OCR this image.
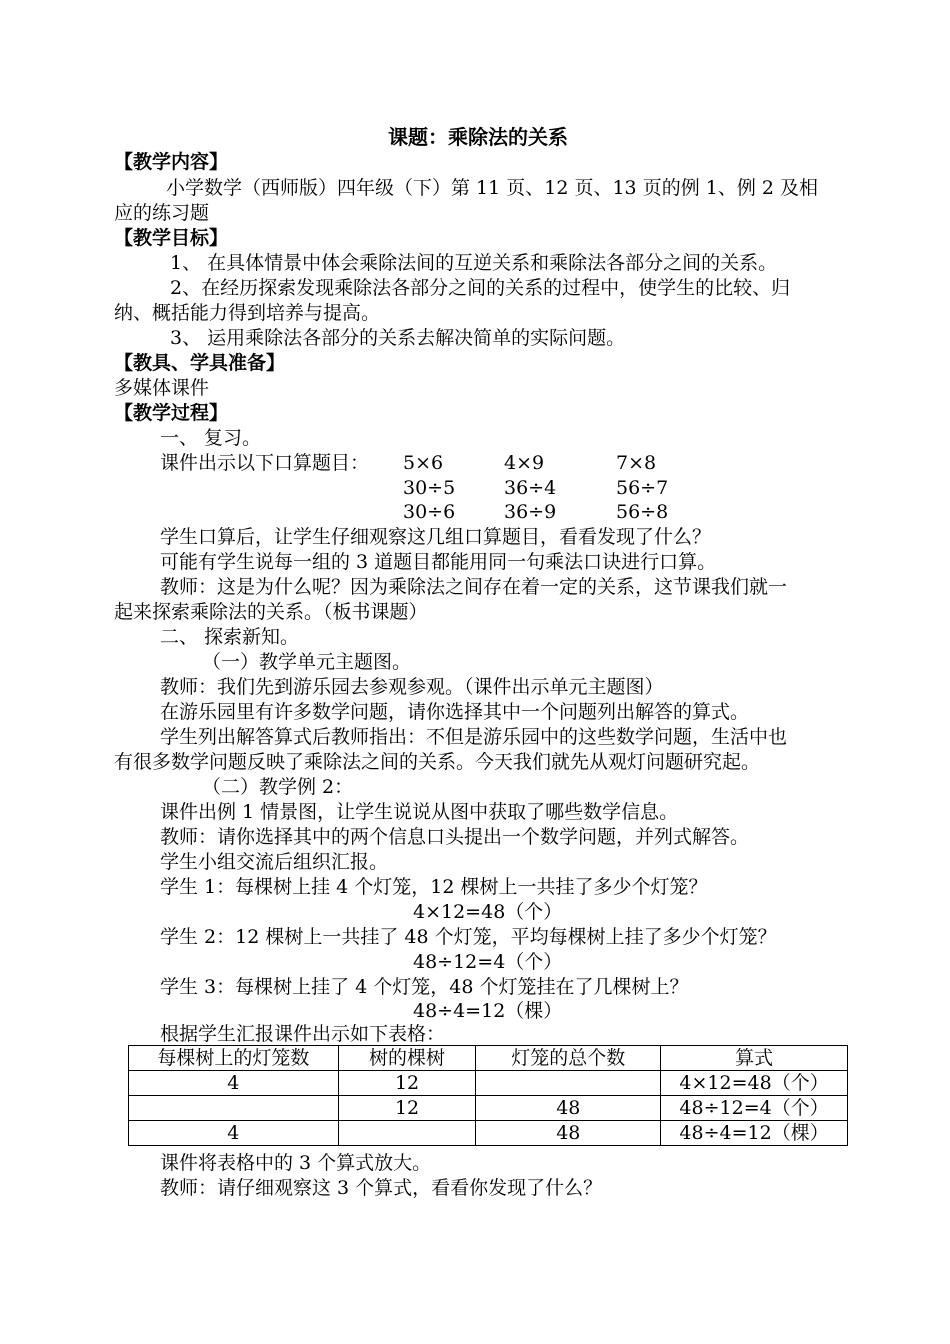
课题：乘除法的关系
【教学内容】
小学数学（西师版）四年级（下）第 11 页、12 页、13 页的例 1、例 2 及相
应的练习题
【教学目标】
1、 在具体情景中体会乘除法间的互逆关系和乘除法各部分之间的关系。
2、在经历探索发现乘除法各部分之间的关系的过程中，使学生的比较、归
纳、概括能力得到培养与提高。
3、 运用乘除法各部分的关系去解决简单的实际问题。
【教具、学具准备】
多媒体课件
【教学过程】
一、 复习。
课件出示以下口算题目： 5×6	4×9	7×8
30÷5	36÷4	56÷7
30÷6	36÷9	56÷8
学生口算后，让学生仔细观察这几组口算题目，看看发现了什么？
可能有学生说每一组的 3 道题目都能用同一句乘法口诀进行口算。
教师：这是为什么呢？因为乘除法之间存在着一定的关系，这节课我们就一
起来探索乘除法的关系。（板书课题）
二、 探索新知。
（一）教学单元主题图。
教师：我们先到游乐园去参观参观。（课件出示单元主题图）
在游乐园里有许多数学问题，请你选择其中一个问题列出解答的算式。
学生列出解答算式后教师指出：不但是游乐园中的这些数学问题，生活中也
有很多数学问题反映了乘除法之间的关系。今天我们就先从观灯问题研究起。
（二）教学例 2：
课件出例 1 情景图，让学生说说从图中获取了哪些数学信息。
教师：请你选择其中的两个信息口头提出一个数学问题，并列式解答。
学生小组交流后组织汇报。
学生 1：每棵树上挂 4 个灯笼，12 棵树上一共挂了多少个灯笼？
4×12=48（个）
学生 2：12 棵树上一共挂了 48 个灯笼，平均每棵树上挂了多少个灯笼？
48÷12=4（个）
学生 3：每棵树上挂了 4 个灯笼，48 个灯笼挂在了几棵树上？
48÷4=12（棵）
根据学生汇报课件出示如下表格：
每棵树上的灯笼数	树的棵树	灯笼的总个数	算式
4	12		4×12=48（个）
	12	48	48÷12=4（个）
4		48	48÷4=12（棵）
课件将表格中的 3 个算式放大。
教师：请仔细观察这 3 个算式，看看你发现了什么？
